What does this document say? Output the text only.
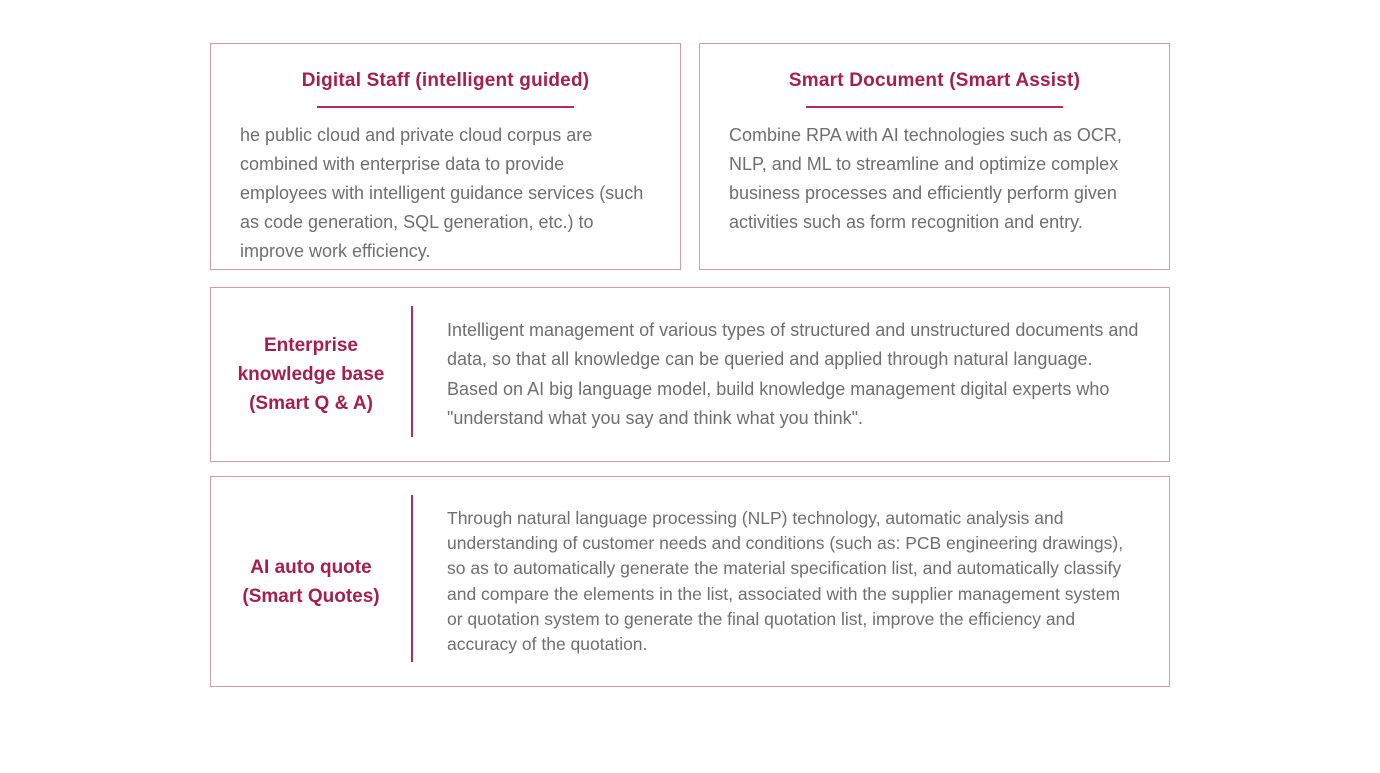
Digital Staff (intelligent guided)

he public cloud and private cloud corpus are combined with enterprise data to provide employees with intelligent guidance services (such as code generation, SQL generation, etc.) to improve work efficiency.

Smart Document (Smart Assist)

Combine RPA with AI technologies such as OCR, NLP, and ML to streamline and optimize complex business processes and efficiently perform given activities such as form recognition and entry.

Enterprise
knowledge base
(Smart Q & A)

Intelligent management of various types of structured and unstructured documents and data, so that all knowledge can be queried and applied through natural language. Based on AI big language model, build knowledge management digital experts who "understand what you say and think what you think".

AI auto quote
(Smart Quotes)

Through natural language processing (NLP) technology, automatic analysis and understanding of customer needs and conditions (such as: PCB engineering drawings), so as to automatically generate the material specification list, and automatically classify and compare the elements in the list, associated with the supplier management system or quotation system to generate the final quotation list, improve the efficiency and accuracy of the quotation.
